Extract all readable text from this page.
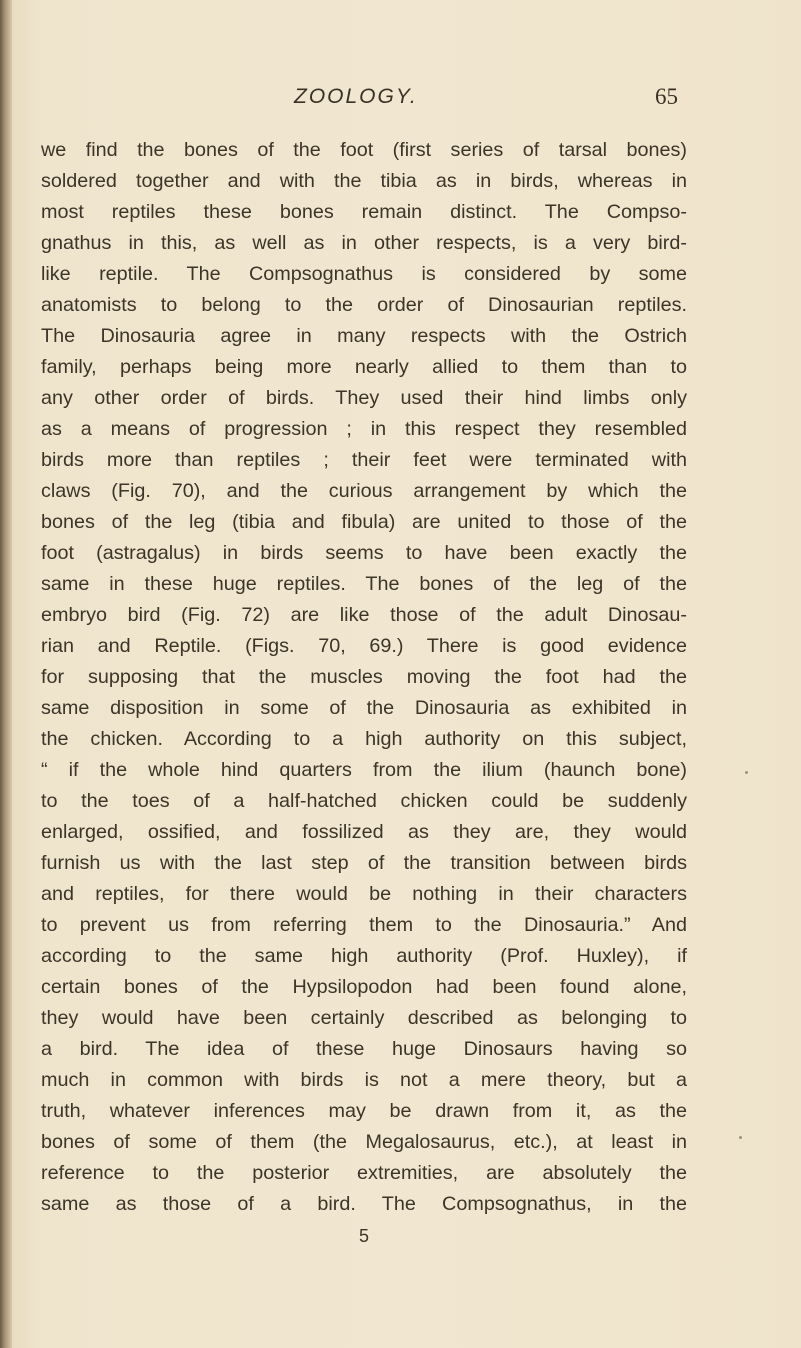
ZOOLOGY.	65
we find the bones of the foot (first series of tarsal bones)
soldered together and with the tibia as in birds, whereas in
most reptiles these bones remain distinct. The Compso-
gnathus in this, as well as in other respects, is a very bird-
like reptile. The Compsognathus is considered by some
anatomists to belong to the order of Dinosaurian reptiles.
The Dinosauria agree in many respects with the Ostrich
family, perhaps being more nearly allied to them than to
any other order of birds. They used their hind limbs only
as a means of progression ; in this respect they resembled
birds more than reptiles ; their feet were terminated with
claws (Fig. 70), and the curious arrangement by which the
bones of the leg (tibia and fibula) are united to those of the
foot (astragalus) in birds seems to have been exactly the
same in these huge reptiles. The bones of the leg of the
embryo bird (Fig. 72) are like those of the adult Dinosau-
rian and Reptile. (Figs. 70, 69.) There is good evidence
for supposing that the muscles moving the foot had the
same disposition in some of the Dinosauria as exhibited in
the chicken. According to a high authority on this subject,
“ if the whole hind quarters from the ilium (haunch bone)
to the toes of a half-hatched chicken could be suddenly
enlarged, ossified, and fossilized as they are, they would
furnish us with the last step of the transition between birds
and reptiles, for there would be nothing in their characters
to prevent us from referring them to the Dinosauria.” And
according to the same high authority (Prof. Huxley), if
certain bones of the Hypsilopodon had been found alone,
they would have been certainly described as belonging to
a bird. The idea of these huge Dinosaurs having so
much in common with birds is not a mere theory, but a
truth, whatever inferences may be drawn from it, as the
bones of some of them (the Megalosaurus, etc.), at least in
reference to the posterior extremities, are absolutely the
same as those of a bird. The Compsognathus, in the
5
